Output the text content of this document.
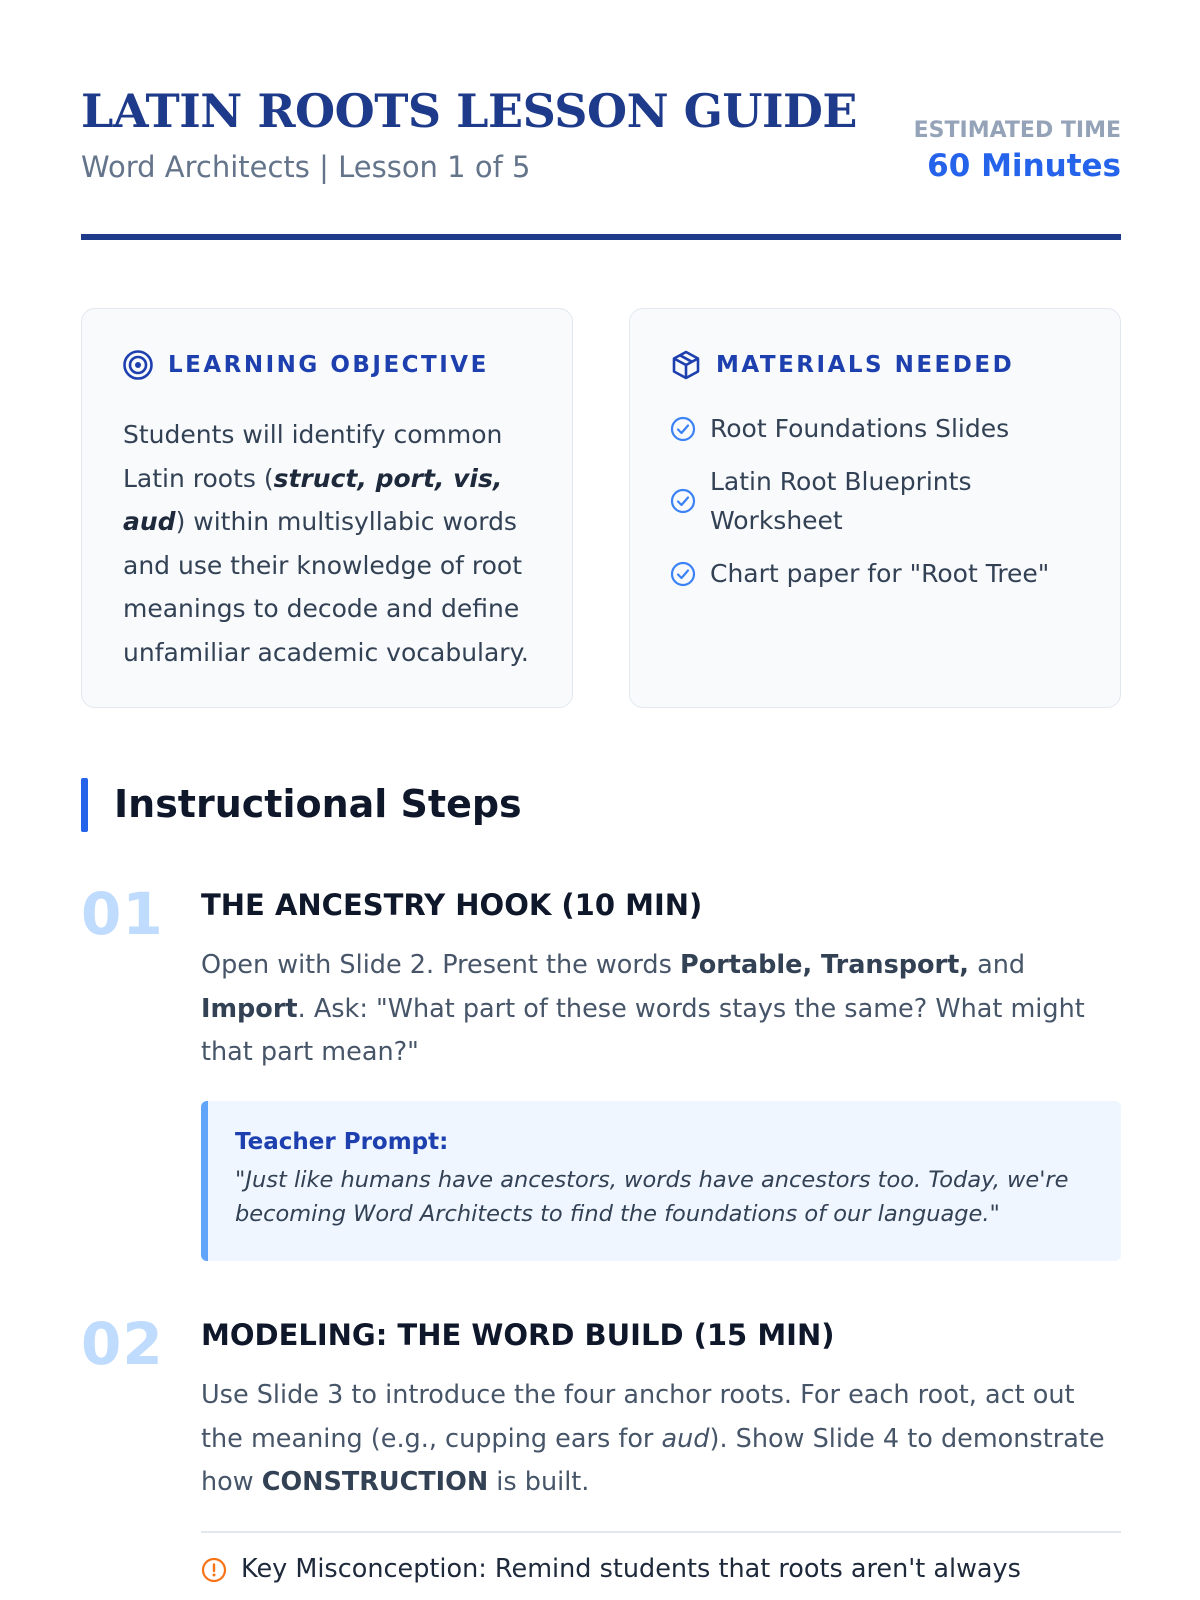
LATIN ROOTS LESSON GUIDE
Word Architects | Lesson 1 of 5
ESTIMATED TIME
60 Minutes
LEARNING OBJECTIVE

Students will identify common Latin roots (struct, port, vis, aud) within multisyllabic words and use their knowledge of root meanings to decode and define unfamiliar academic vocabulary.

MATERIALS NEEDED
Root Foundations Slides
Latin Root Blueprints Worksheet
Chart paper for "Root Tree"
Instructional Steps
01 THE ANCESTRY HOOK (10 MIN)

Open with Slide 2. Present the words Portable, Transport, and Import. Ask: "What part of these words stays the same? What might that part mean?"

Teacher Prompt:

"Just like humans have ancestors, words have ancestors too. Today, we're becoming Word Architects to find the foundations of our language."

02 MODELING: THE WORD BUILD (15 MIN)

Use Slide 3 to introduce the four anchor roots. For each root, act out the meaning (e.g., cupping ears for aud). Show Slide 4 to demonstrate how CONSTRUCTION is built.

Key Misconception: Remind students that roots aren't always
